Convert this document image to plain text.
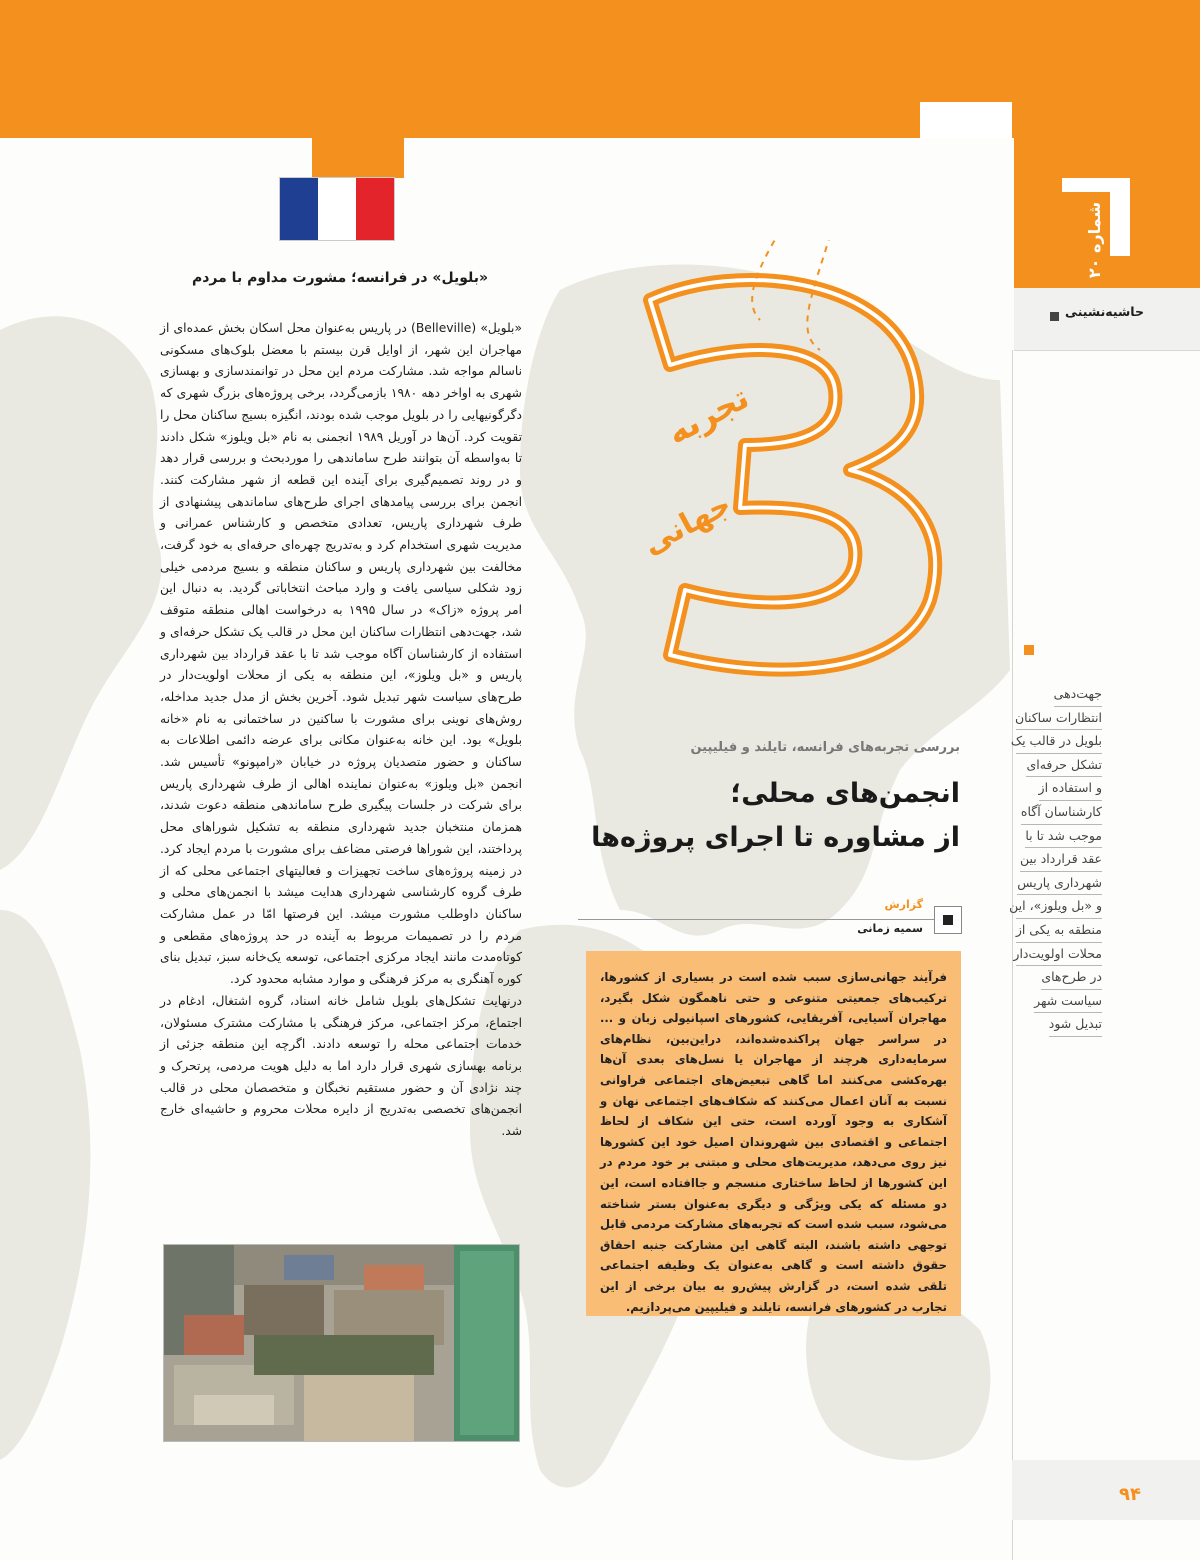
شماره ۲۰
حاشیه‌نشینی
«بلویل» در فرانسه؛ مشورت مداوم با مردم

«بلویل» (Belleville) در پاریس به‌عنوان محل اسکان بخش عمده‌ای از مهاجران این شهر، از اوایل قرن بیستم با معضل بلوک‌های مسکونی ناسالم مواجه شد. مشارکت مردم این محل در توانمندسازی و بهسازی شهری به اواخر دهه ۱۹۸۰ بازمی‌گردد، برخی پروژه‌های بزرگ شهری که دگرگونیهایی را در بلویل موجب شده بودند، انگیزه بسیج ساکنان محل را تقویت کرد. آن‌ها در آوریل ۱۹۸۹ انجمنی به نام «بل ویلوز» شکل دادند تا به‌واسطه آن بتوانند طرح ساماندهی را مورد‌بحث و بررسی قرار دهد و در روند تصمیم‌گیری برای آینده این قطعه از شهر مشارکت کنند. انجمن برای بررسی پیامدهای اجرای طرح‌های ساماندهی پیشنهادی از طرف شهرداری پاریس، تعدادی متخصص و کارشناس عمرانی و مدیریت شهری استخدام کرد و به‌تدریج چهره‌ای حرفه‌ای به خود گرفت، مخالفت بین شهرداری پاریس و ساکنان منطقه و بسیج مردمی خیلی زود شکلی سیاسی یافت و وارد مباحث انتخاباتی گردید. به دنبال این امر پروژه «زاک» در سال ۱۹۹۵ به درخواست اهالی منطقه متوقف شد، جهت‌دهی انتظارات ساکنان این محل در قالب یک تشکل حرفه‌ای و استفاده از کارشناسان آگاه موجب شد تا با عقد قرارداد بین شهرداری پاریس و «بل ویلوز»، این منطقه به یکی از محلات اولویت‌دار در طرح‌های سیاست شهر تبدیل شود. آخرین بخش از مدل جدید مداخله، روش‌های نوینی برای مشورت با ساکنین در ساختمانی به نام «خانه بلویل» بود. این خانه به‌عنوان مکانی برای عرضه دائمی اطلاعات به ساکنان و حضور متصدیان پروژه در خیابان «رامپونو» تأسیس شد. انجمن «بل ویلوز» به‌عنوان نماینده اهالی از طرف شهرداری پاریس برای شرکت در جلسات پیگیری طرح ساماندهی منطقه دعوت شدند، همزمان منتخبان جدید شهرداری منطقه به تشکیل شوراهای محل پرداختند، این شوراها فرصتی مضاعف برای مشورت با مردم ایجاد کرد. در زمینه پروژه‌های ساخت تجهیزات و فعالیتهای اجتماعی محلی که از طرف گروه کارشناسی شهرداری هدایت میشد با انجمن‌های محلی و ساکنان داوطلب مشورت میشد. این فرصتها امّا در عمل مشارکت مردم را در تصمیمات مربوط به آینده در حد پروژه‌های مقطعی و کوتاه‌مدت مانند ایجاد مرکزی اجتماعی، توسعه یک‌خانه سبز، تبدیل بنای کوره آهنگری به مرکز فرهنگی و موارد مشابه محدود کرد.

درنهایت تشکل‌های بلویل شامل خانه اسناد، گروه اشتغال، ادغام در اجتماع، مرکز اجتماعی، مرکز فرهنگی با مشارکت مشترک مسئولان، خدمات اجتماعی محله را توسعه دادند. اگرچه این منطقه جزئی از برنامه بهسازی شهری قرار دارد اما به دلیل هویت مردمی، پرتحرک و چند نژادی آن و حضور مستقیم نخبگان و متخصصان محلی در قالب انجمن‌های تخصصی به‌تدریج از دایره محلات محروم و حاشیه‌ای خارج شد.

تجربه
جهانی
بررسی تجربه‌های فرانسه، تایلند و فیلیپین
انجمن‌های محلی؛
از مشاوره تا اجرای پروژه‌ها
گزارش
سمیه زمانی

فرآیند جهانی‌سازی سبب شده است در بسیاری از کشورها، ترکیب‌های جمعیتی متنوعی و حتی ناهمگون شکل بگیرد، مهاجران آسیایی، آفریقایی، کشورهای اسپانیولی زبان و ... در سراسر جهان پراکنده‌شده‌اند، دراین‌بین، نظام‌های سرمایه‌داری هرچند از مهاجران یا نسل‌های بعدی آن‌ها بهره‌کشی می‌کنند اما گاهی تبعیض‌های اجتماعی فراوانی نسبت به آنان اعمال می‌کنند که شکاف‌های اجتماعی نهان و آشکاری به وجود آورده است، حتی این شکاف از لحاظ اجتماعی و اقتصادی بین شهروندان اصیل خود این کشورها نیز روی می‌دهد، مدیریت‌های محلی و مبتنی بر خود مردم در این کشورها از لحاظ ساختاری منسجم و جاافتاده است، این دو مسئله که یکی ویژگی و دیگری به‌عنوان بستر شناخته می‌شود، سبب شده است که تجربه‌های مشارکت مردمی قابل توجهی داشته باشند، البته گاهی این مشارکت جنبه احقاق حقوق داشته است و گاهی به‌عنوان یک وظیفه اجتماعی تلقی شده است، در گزارش پیش‌رو به بیان برخی از این تجارب در کشورهای فرانسه، تایلند و فیلیپین می‌پردازیم.

جهت‌دهی
انتظارات ساکنان
بلویل در قالب یک
تشکل حرفه‌ای
و استفاده از
کارشناسان آگاه
موجب شد تا با
عقد قرارداد بین
شهرداری پاریس
و «بل ویلوز»، این
منطقه به یکی از
محلات اولویت‌دار
در طرح‌های
سیاست شهر
تبدیل شود
۹۴
